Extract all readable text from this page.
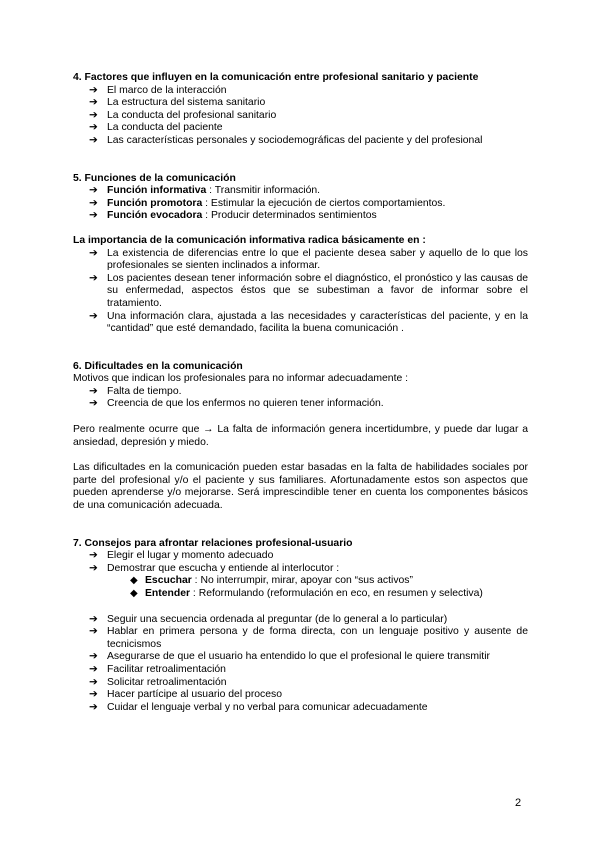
4. Factores que influyen en la comunicación entre profesional sanitario y paciente

➔ El marco de la interacción
➔ La estructura del sistema sanitario
➔ La conducta del profesional sanitario
➔ La conducta del paciente
➔ Las características personales y sociodemográficas del paciente y del profesional

5. Funciones de la comunicación

➔ Función informativa : Transmitir información.
➔ Función promotora : Estimular la ejecución de ciertos comportamientos.
➔ Función evocadora : Producir determinados sentimientos

La importancia de la comunicación informativa radica básicamente en :

➔ La existencia de diferencias entre lo que el paciente desea saber y aquello de lo que los profesionales se sienten inclinados a informar.
➔ Los pacientes desean tener información sobre el diagnóstico, el pronóstico y las causas de su enfermedad, aspectos éstos que se subestiman a favor de informar sobre el tratamiento.
➔ Una información clara, ajustada a las necesidades y características del paciente, y en la “cantidad” que esté demandado, facilita la buena comunicación .

6. Dificultades en la comunicación

Motivos que indican los profesionales para no informar adecuadamente :

➔ Falta de tiempo.
➔ Creencia de que los enfermos no quieren tener información.

Pero realmente ocurre que → La falta de información genera incertidumbre, y puede dar lugar a ansiedad, depresión y miedo.

Las dificultades en la comunicación pueden estar basadas en la falta de habilidades sociales por parte del profesional y/o el paciente y sus familiares. Afortunadamente estos son aspectos que pueden aprenderse y/o mejorarse. Será imprescindible tener en cuenta los componentes básicos de una comunicación adecuada.

7. Consejos para afrontar relaciones profesional-usuario

➔ Elegir el lugar y momento adecuado
➔ Demostrar que escucha y entiende al interlocutor :
◆ Escuchar : No interrumpir, mirar, apoyar con “sus activos”
◆ Entender : Reformulando (reformulación en eco, en resumen y selectiva)
➔ Seguir una secuencia ordenada al preguntar (de lo general a lo particular)
➔ Hablar en primera persona y de forma directa, con un lenguaje positivo y ausente de tecnicismos
➔ Asegurarse de que el usuario ha entendido lo que el profesional le quiere transmitir
➔ Facilitar retroalimentación
➔ Solicitar retroalimentación
➔ Hacer partícipe al usuario del proceso
➔ Cuidar el lenguaje verbal y no verbal para comunicar adecuadamente
2
